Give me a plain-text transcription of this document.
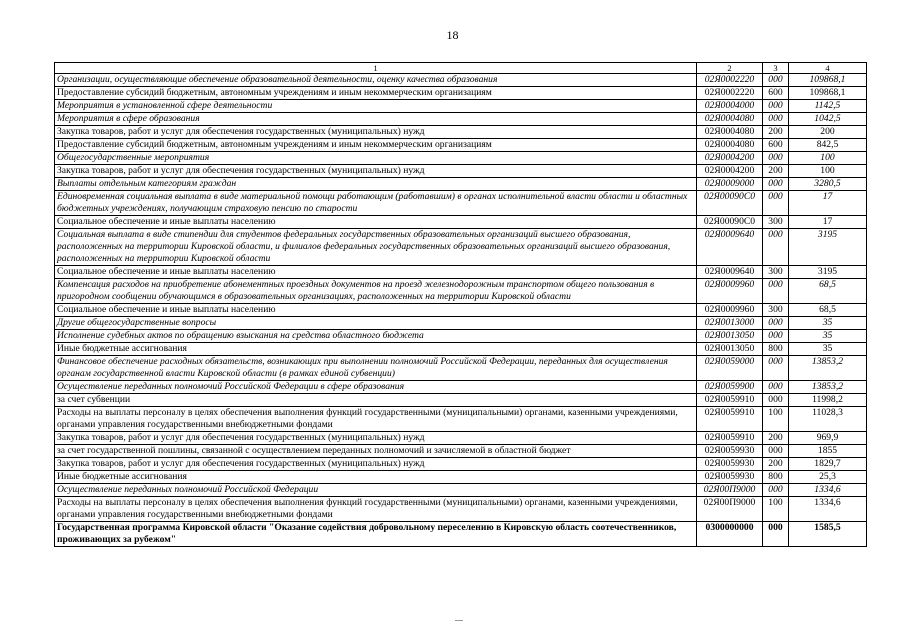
18
1	2	3	4
Организации, осуществляющие обеспечение образовательной деятельности, оценку качества образования	02Я0002220	000	109868,1
Предоставление субсидий бюджетным, автономным учреждениям и иным некоммерческим организациям	02Я0002220	600	109868,1
Мероприятия в установленной сфере деятельности	02Я0004000	000	1142,5
Мероприятия в сфере образования	02Я0004080	000	1042,5
Закупка товаров, работ и услуг для обеспечения государственных (муниципальных) нужд	02Я0004080	200	200
Предоставление субсидий бюджетным, автономным учреждениям и иным некоммерческим организациям	02Я0004080	600	842,5
Общегосударственные мероприятия	02Я0004200	000	100
Закупка товаров, работ и услуг для обеспечения государственных (муниципальных) нужд	02Я0004200	200	100
Выплаты отдельным категориям граждан	02Я0009000	000	3280,5
Единовременная социальная выплата в виде материальной помощи работающим (работавшим) в органах исполнительной власти области и областных бюджетных учреждениях, получающим страховую пенсию по старости	02Я00090С0	000	17
Социальное обеспечение и иные выплаты населению	02Я00090С0	300	17
Социальная выплата в виде стипендии для студентов федеральных государственных образовательных организаций высшего образования, расположенных на территории Кировской области, и филиалов федеральных государственных образовательных организаций высшего образования, расположенных на территории Кировской области	02Я0009640	000	3195
Социальное обеспечение и иные выплаты населению	02Я0009640	300	3195
Компенсация расходов на приобретение абонементных проездных документов на проезд железнодорожным транспортом общего пользования в пригородном сообщении обучающимся в образовательных организациях, расположенных на территории Кировской области	02Я0009960	000	68,5
Социальное обеспечение и иные выплаты населению	02Я0009960	300	68,5
Другие общегосударственные вопросы	02Я0013000	000	35
Исполнение судебных актов по обращению взыскания на средства областного бюджета	02Я0013050	000	35
Иные бюджетные ассигнования	02Я0013050	800	35
Финансовое обеспечение расходных обязательств, возникающих при выполнении полномочий Российской Федерации, переданных для осуществления органам государственной власти Кировской области (в рамках единой субвенции)	02Я0059000	000	13853,2
Осуществление переданных полномочий Российской Федерации в сфере образования	02Я0059900	000	13853,2
за счет субвенции	02Я0059910	000	11998,2
Расходы на выплаты персоналу в целях обеспечения выполнения функций государственными (муниципальными) органами, казенными учреждениями, органами управления государственными внебюджетными фондами	02Я0059910	100	11028,3
Закупка товаров, работ и услуг для обеспечения государственных (муниципальных) нужд	02Я0059910	200	969,9
за счет государственной пошлины, связанной с осуществлением переданных полномочий и зачисляемой в областной бюджет	02Я0059930	000	1855
Закупка товаров, работ и услуг для обеспечения государственных (муниципальных) нужд	02Я0059930	200	1829,7
Иные бюджетные ассигнования	02Я0059930	800	25,3
Осуществление переданных полномочий Российской Федерации	02Я00П9000	000	1334,6
Расходы на выплаты персоналу в целях обеспечения выполнения функций государственными (муниципальными) органами, казенными учреждениями, органами управления государственными внебюджетными фондами	02Я00П9000	100	1334,6
Государственная программа Кировской области "Оказание содействия добровольному переселению в Кировскую область соотечественников, проживающих за рубежом"	0300000000	000	1585,5
